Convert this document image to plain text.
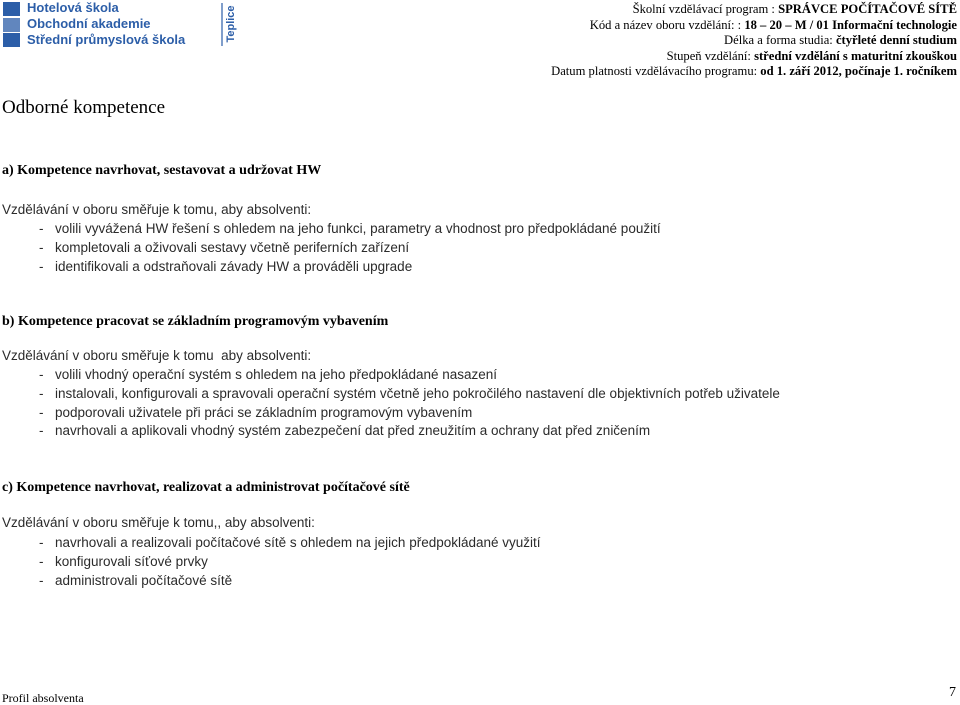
Hotelová škola
Obchodní akademie
Střední průmyslová škola	Teplice	Školní vzdělávací program : SPRÁVCE POČÍTAČOVÉ SÍTĚ
Kód a název oboru vzdělání: : 18 – 20 – M / 01 Informační technologie
Délka a forma studia: čtyřleté denní studium
Stupeň vzdělání: střední vzdělání s maturitní zkouškou
Datum platnosti vzdělávacího programu: od 1. září 2012, počínaje 1. ročníkem
Odborné kompetence
a) Kompetence navrhovat, sestavovat a udržovat HW
Vzdělávání v oboru směřuje k tomu, aby absolventi:
- volili vyvážená HW řešení s ohledem na jeho funkci, parametry a vhodnost pro předpokládané použití
- kompletovali a oživovali sestavy včetně periferních zařízení
- identifikovali a odstraňovali závady HW a prováděli upgrade
b) Kompetence pracovat se základním programovým vybavením
Vzdělávání v oboru směřuje k tomu  aby absolventi:
- volili vhodný operační systém s ohledem na jeho předpokládané nasazení
- instalovali, konfigurovali a spravovali operační systém včetně jeho pokročilého nastavení dle objektivních potřeb uživatele
- podporovali uživatele při práci se základním programovým vybavením
- navrhovali a aplikovali vhodný systém zabezpečení dat před zneužitím a ochrany dat před zničením
c) Kompetence navrhovat, realizovat a administrovat počítačové sítě
Vzdělávání v oboru směřuje k tomu,, aby absolventi:
- navrhovali a realizovali počítačové sítě s ohledem na jejich předpokládané využití
- konfigurovali síťové prvky
- administrovali počítačové sítě
Profil absolventa	7
